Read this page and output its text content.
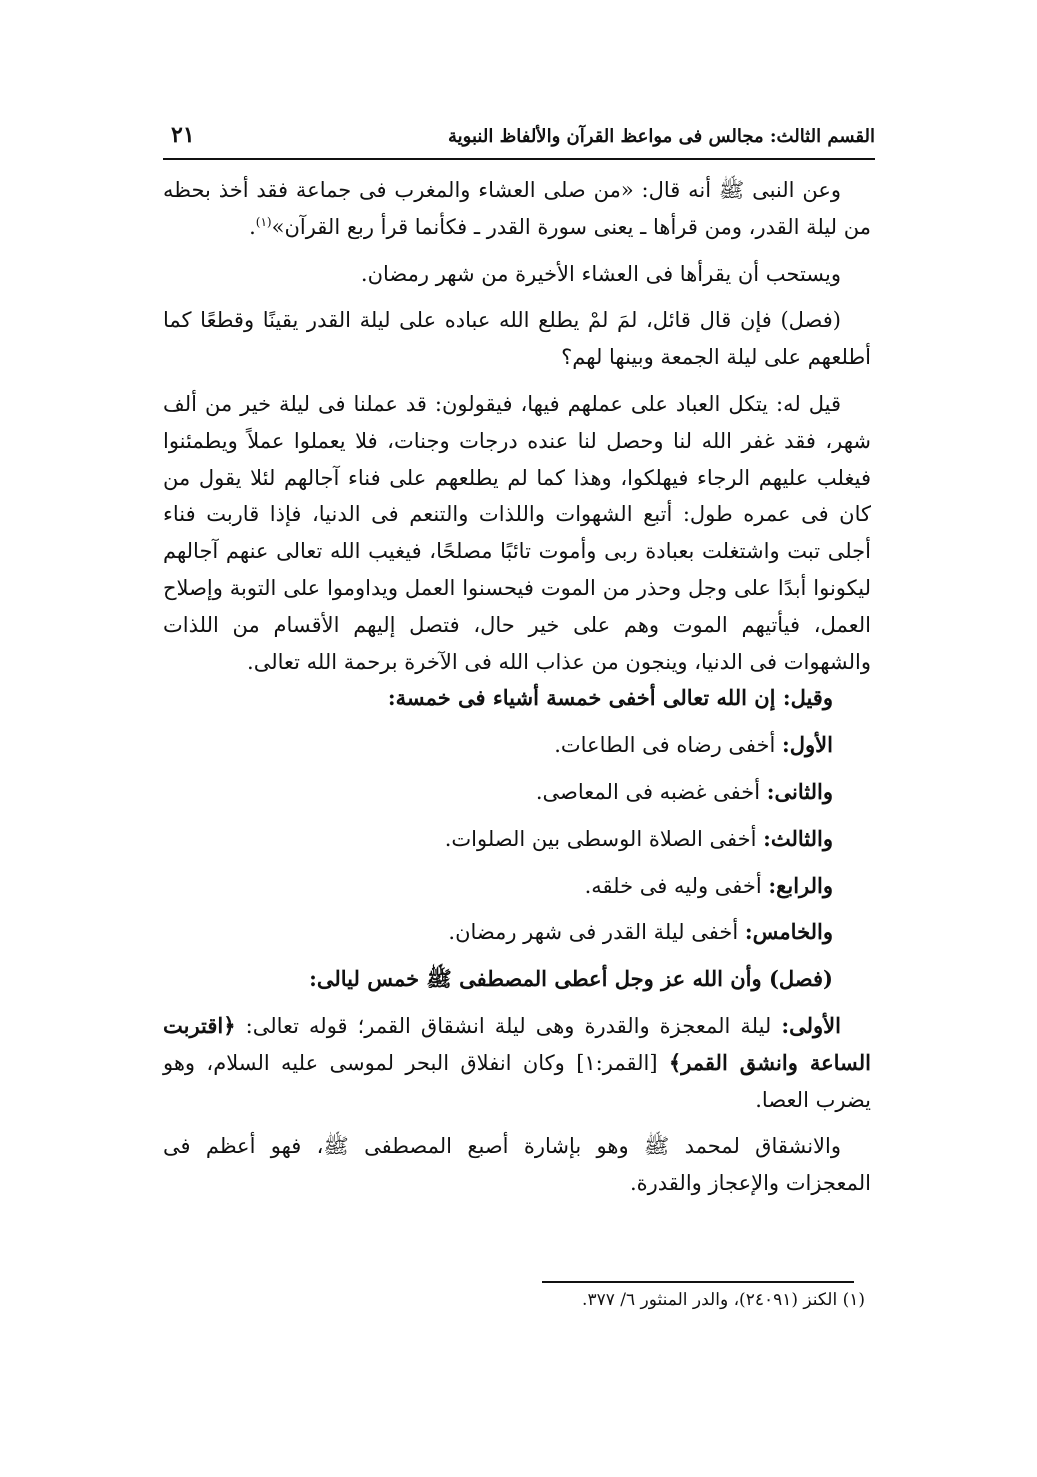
القسم الثالث: مجالس فى مواعظ القرآن والألفاظ النبوية
٢١

وعن النبى ﷺ أنه قال: «من صلى العشاء والمغرب فى جماعة فقد أخذ بحظه من ليلة القدر، ومن قرأها ـ يعنى سورة القدر ـ فكأنما قرأ ربع القرآن»$^{(١)}$.

ويستحب أن يقرأها فى العشاء الأخيرة من شهر رمضان.

(فصل) فإن قال قائل، لمَ لمْ يطلع الله عباده على ليلة القدر يقينًا وقطعًا كما أطلعهم على ليلة الجمعة وبينها لهم؟

قيل له: يتكل العباد على عملهم فيها، فيقولون: قد عملنا فى ليلة خير من ألف شهر، فقد غفر الله لنا وحصل لنا عنده درجات وجنات، فلا يعملوا عملاً ويطمئنوا فيغلب عليهم الرجاء فيهلكوا، وهذا كما لم يطلعهم على فناء آجالهم لئلا يقول من كان فى عمره طول: أتبع الشهوات واللذات والتنعم فى الدنيا، فإذا قاربت فناء أجلى تبت واشتغلت بعبادة ربى وأموت تائبًا مصلحًا، فيغيب الله تعالى عنهم آجالهم ليكونوا أبدًا على وجل وحذر من الموت فيحسنوا العمل ويداوموا على التوبة وإصلاح العمل، فيأتيهم الموت وهم على خير حال، فتصل إليهم الأقسام من اللذات والشهوات فى الدنيا، وينجون من عذاب الله فى الآخرة برحمة الله تعالى.

وقيل: إن الله تعالى أخفى خمسة أشياء فى خمسة:

الأول: أخفى رضاه فى الطاعات.

والثانى: أخفى غضبه فى المعاصى.

والثالث: أخفى الصلاة الوسطى بين الصلوات.

والرابع: أخفى وليه فى خلقه.

والخامس: أخفى ليلة القدر فى شهر رمضان.

(فصل) وأن الله عز وجل أعطى المصطفى ﷺ خمس ليالى:

الأولى: ليلة المعجزة والقدرة وهى ليلة انشقاق القمر؛ قوله تعالى: ﴿اقتربت الساعة وانشق القمر﴾ [القمر:١] وكان انفلاق البحر لموسى عليه السلام، وهو يضرب العصا.

والانشقاق لمحمد ﷺ وهو بإشارة أصبع المصطفى ﷺ، فهو أعظم فى المعجزات والإعجاز والقدرة.

(١) الكنز (٢٤٠٩١)، والدر المنثور ٦/ ٣٧٧.
